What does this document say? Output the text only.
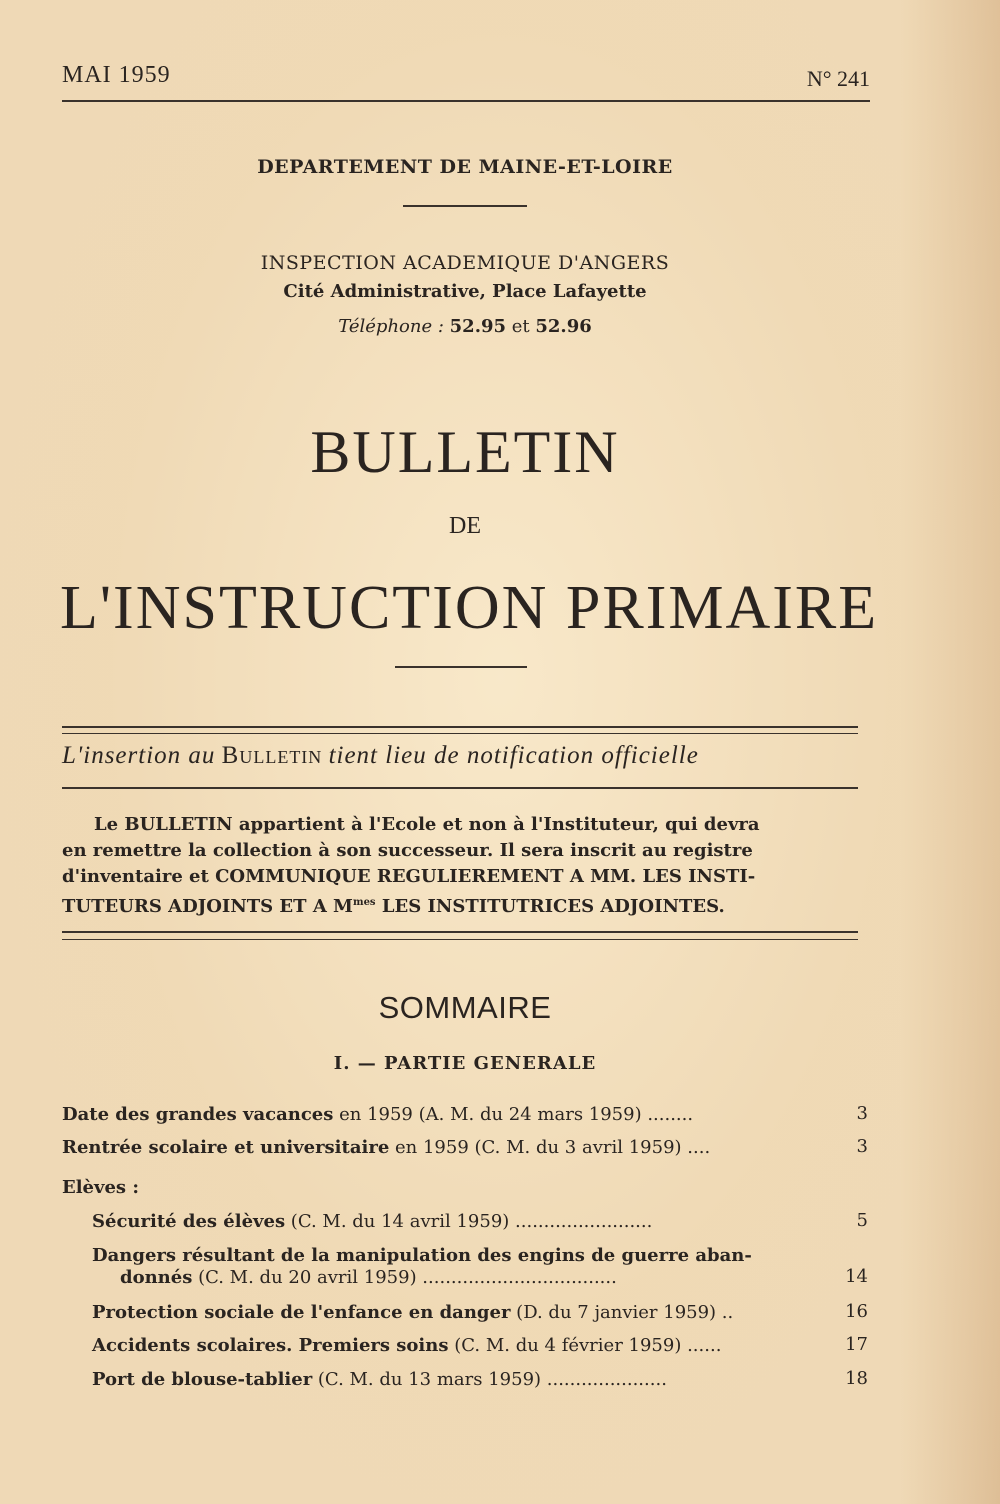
MAI 1959	N° 241
DEPARTEMENT DE MAINE-ET-LOIRE
INSPECTION ACADEMIQUE D'ANGERS
Cité Administrative, Place Lafayette
Téléphone : 52.95 et 52.96
BULLETIN
DE
L'INSTRUCTION PRIMAIRE
L'insertion au Bulletin tient lieu de notification officielle

Le BULLETIN appartient à l'Ecole et non à l'Instituteur, qui devra

en remettre la collection à son successeur. Il sera inscrit au registre

d'inventaire et COMMUNIQUE REGULIEREMENT A MM. LES INSTI-

TUTEURS ADJOINTS ET A $M^{mes}$ LES INSTITUTRICES ADJOINTES.

SOMMAIRE
I. — PARTIE GENERALE
Date des grandes vacances en 1959 (A. M. du 24 mars 1959) ........	3
Rentrée scolaire et universitaire en 1959 (C. M. du 3 avril 1959) ....	3
Elèves :
Sécurité des élèves (C. M. du 14 avril 1959) ........................	5
Dangers résultant de la manipulation des engins de guerre aban-
donnés (C. M. du 20 avril 1959) ..................................	14
Protection sociale de l'enfance en danger (D. du 7 janvier 1959) ..	16
Accidents scolaires. Premiers soins (C. M. du 4 février 1959) ......	17
Port de blouse-tablier (C. M. du 13 mars 1959) .....................	18
